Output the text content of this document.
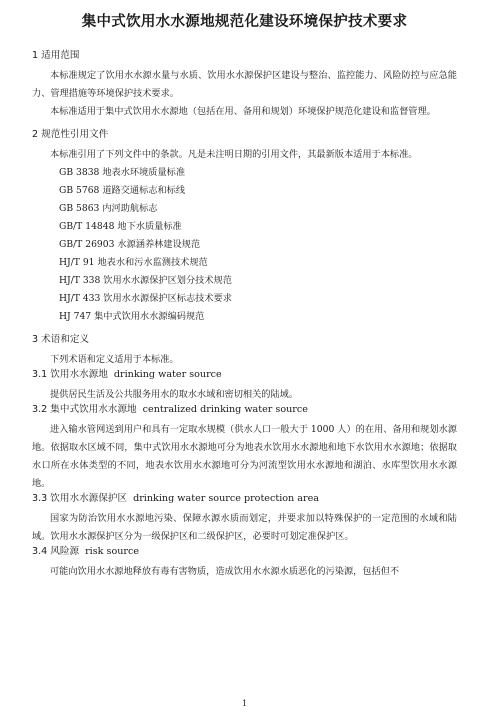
集中式饮用水水源地规范化建设环境保护技术要求
1 适用范围

本标准规定了饮用水水源水量与水质、饮用水水源保护区建设与整治、监控能力、风险防控与应急能力、管理措施等环境保护技术要求。

本标准适用于集中式饮用水水源地（包括在用、备用和规划）环境保护规范化建设和监督管理。

2 规范性引用文件

本标准引用了下列文件中的条款。凡是未注明日期的引用文件，其最新版本适用于本标准。

GB 3838 地表水环境质量标准

GB 5768 道路交通标志和标线

GB 5863 内河助航标志

GB/T 14848 地下水质量标准

GB/T 26903 水源涵养林建设规范

HJ/T 91 地表水和污水监测技术规范

HJ/T 338 饮用水水源保护区划分技术规范

HJ/T 433 饮用水水源保护区标志技术要求

HJ 747 集中式饮用水水源编码规范

3 术语和定义

下列术语和定义适用于本标准。

3.1 饮用水水源地 drinking water source

提供居民生活及公共服务用水的取水水域和密切相关的陆域。

3.2 集中式饮用水水源地 centralized drinking water source

进入输水管网送到用户和具有一定取水规模（供水人口一般大于 1000 人）的在用、备用和规划水源地。依据取水区域不同，集中式饮用水水源地可分为地表水饮用水水源地和地下水饮用水水源地；依据取水口所在水体类型的不同，地表水饮用水水源地可分为河流型饮用水水源地和湖泊、水库型饮用水水源地。

3.3 饮用水水源保护区 drinking water source protection area

国家为防治饮用水水源地污染、保障水源水质而划定，并要求加以特殊保护的一定范围的水域和陆域。饮用水水源保护区分为一级保护区和二级保护区，必要时可划定准保护区。

3.4 风险源 risk source

可能向饮用水水源地释放有毒有害物质，造成饮用水水源水质恶化的污染源，包括但不

1
